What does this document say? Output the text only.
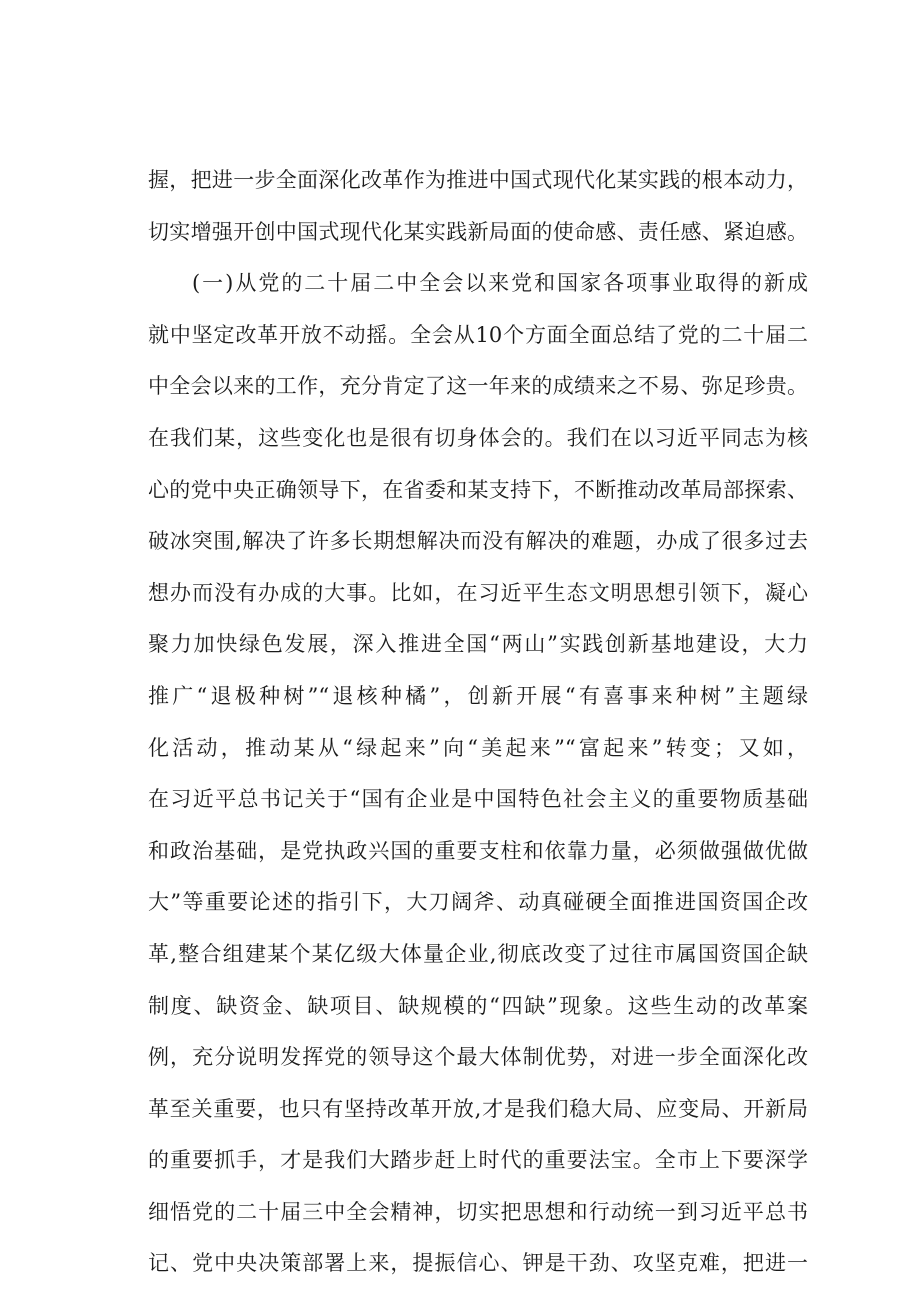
握，把进一步全面深化改革作为推进中国式现代化某实践的根本动力，
切实增强开创中国式现代化某实践新局面的使命感、责任感、紧迫感。
(一)从党的二十届二中全会以来党和国家各项事业取得的新成
就中坚定改革开放不动摇。全会从10个方面全面总结了党的二十届二
中全会以来的工作，充分肯定了这一年来的成绩来之不易、弥足珍贵。
在我们某，这些变化也是很有切身体会的。我们在以习近平同志为核
心的党中央正确领导下，在省委和某支持下，不断推动改革局部探索、
破冰突围,解决了许多长期想解决而没有解决的难题，办成了很多过去
想办而没有办成的大事。比如，在习近平生态文明思想引领下，凝心
聚力加快绿色发展，深入推进全国“两山”实践创新基地建设，大力
推广“退极种树”“退核种橘”，创新开展“有喜事来种树”主题绿
化活动，推动某从“绿起来”向“美起来”“富起来”转变；又如，
在习近平总书记关于“国有企业是中国特色社会主义的重要物质基础
和政治基础，是党执政兴国的重要支柱和依靠力量，必须做强做优做
大”等重要论述的指引下，大刀阔斧、动真碰硬全面推进国资国企改
革,整合组建某个某亿级大体量企业,彻底改变了过往市属国资国企缺
制度、缺资金、缺项目、缺规模的“四缺”现象。这些生动的改革案
例，充分说明发挥党的领导这个最大体制优势，对进一步全面深化改
革至关重要，也只有坚持改革开放,才是我们稳大局、应变局、开新局
的重要抓手，才是我们大踏步赶上时代的重要法宝。全市上下要深学
细悟党的二十届三中全会精神，切实把思想和行动统一到习近平总书
记、党中央决策部署上来，提振信心、钾是干劲、攻坚克难，把进一
